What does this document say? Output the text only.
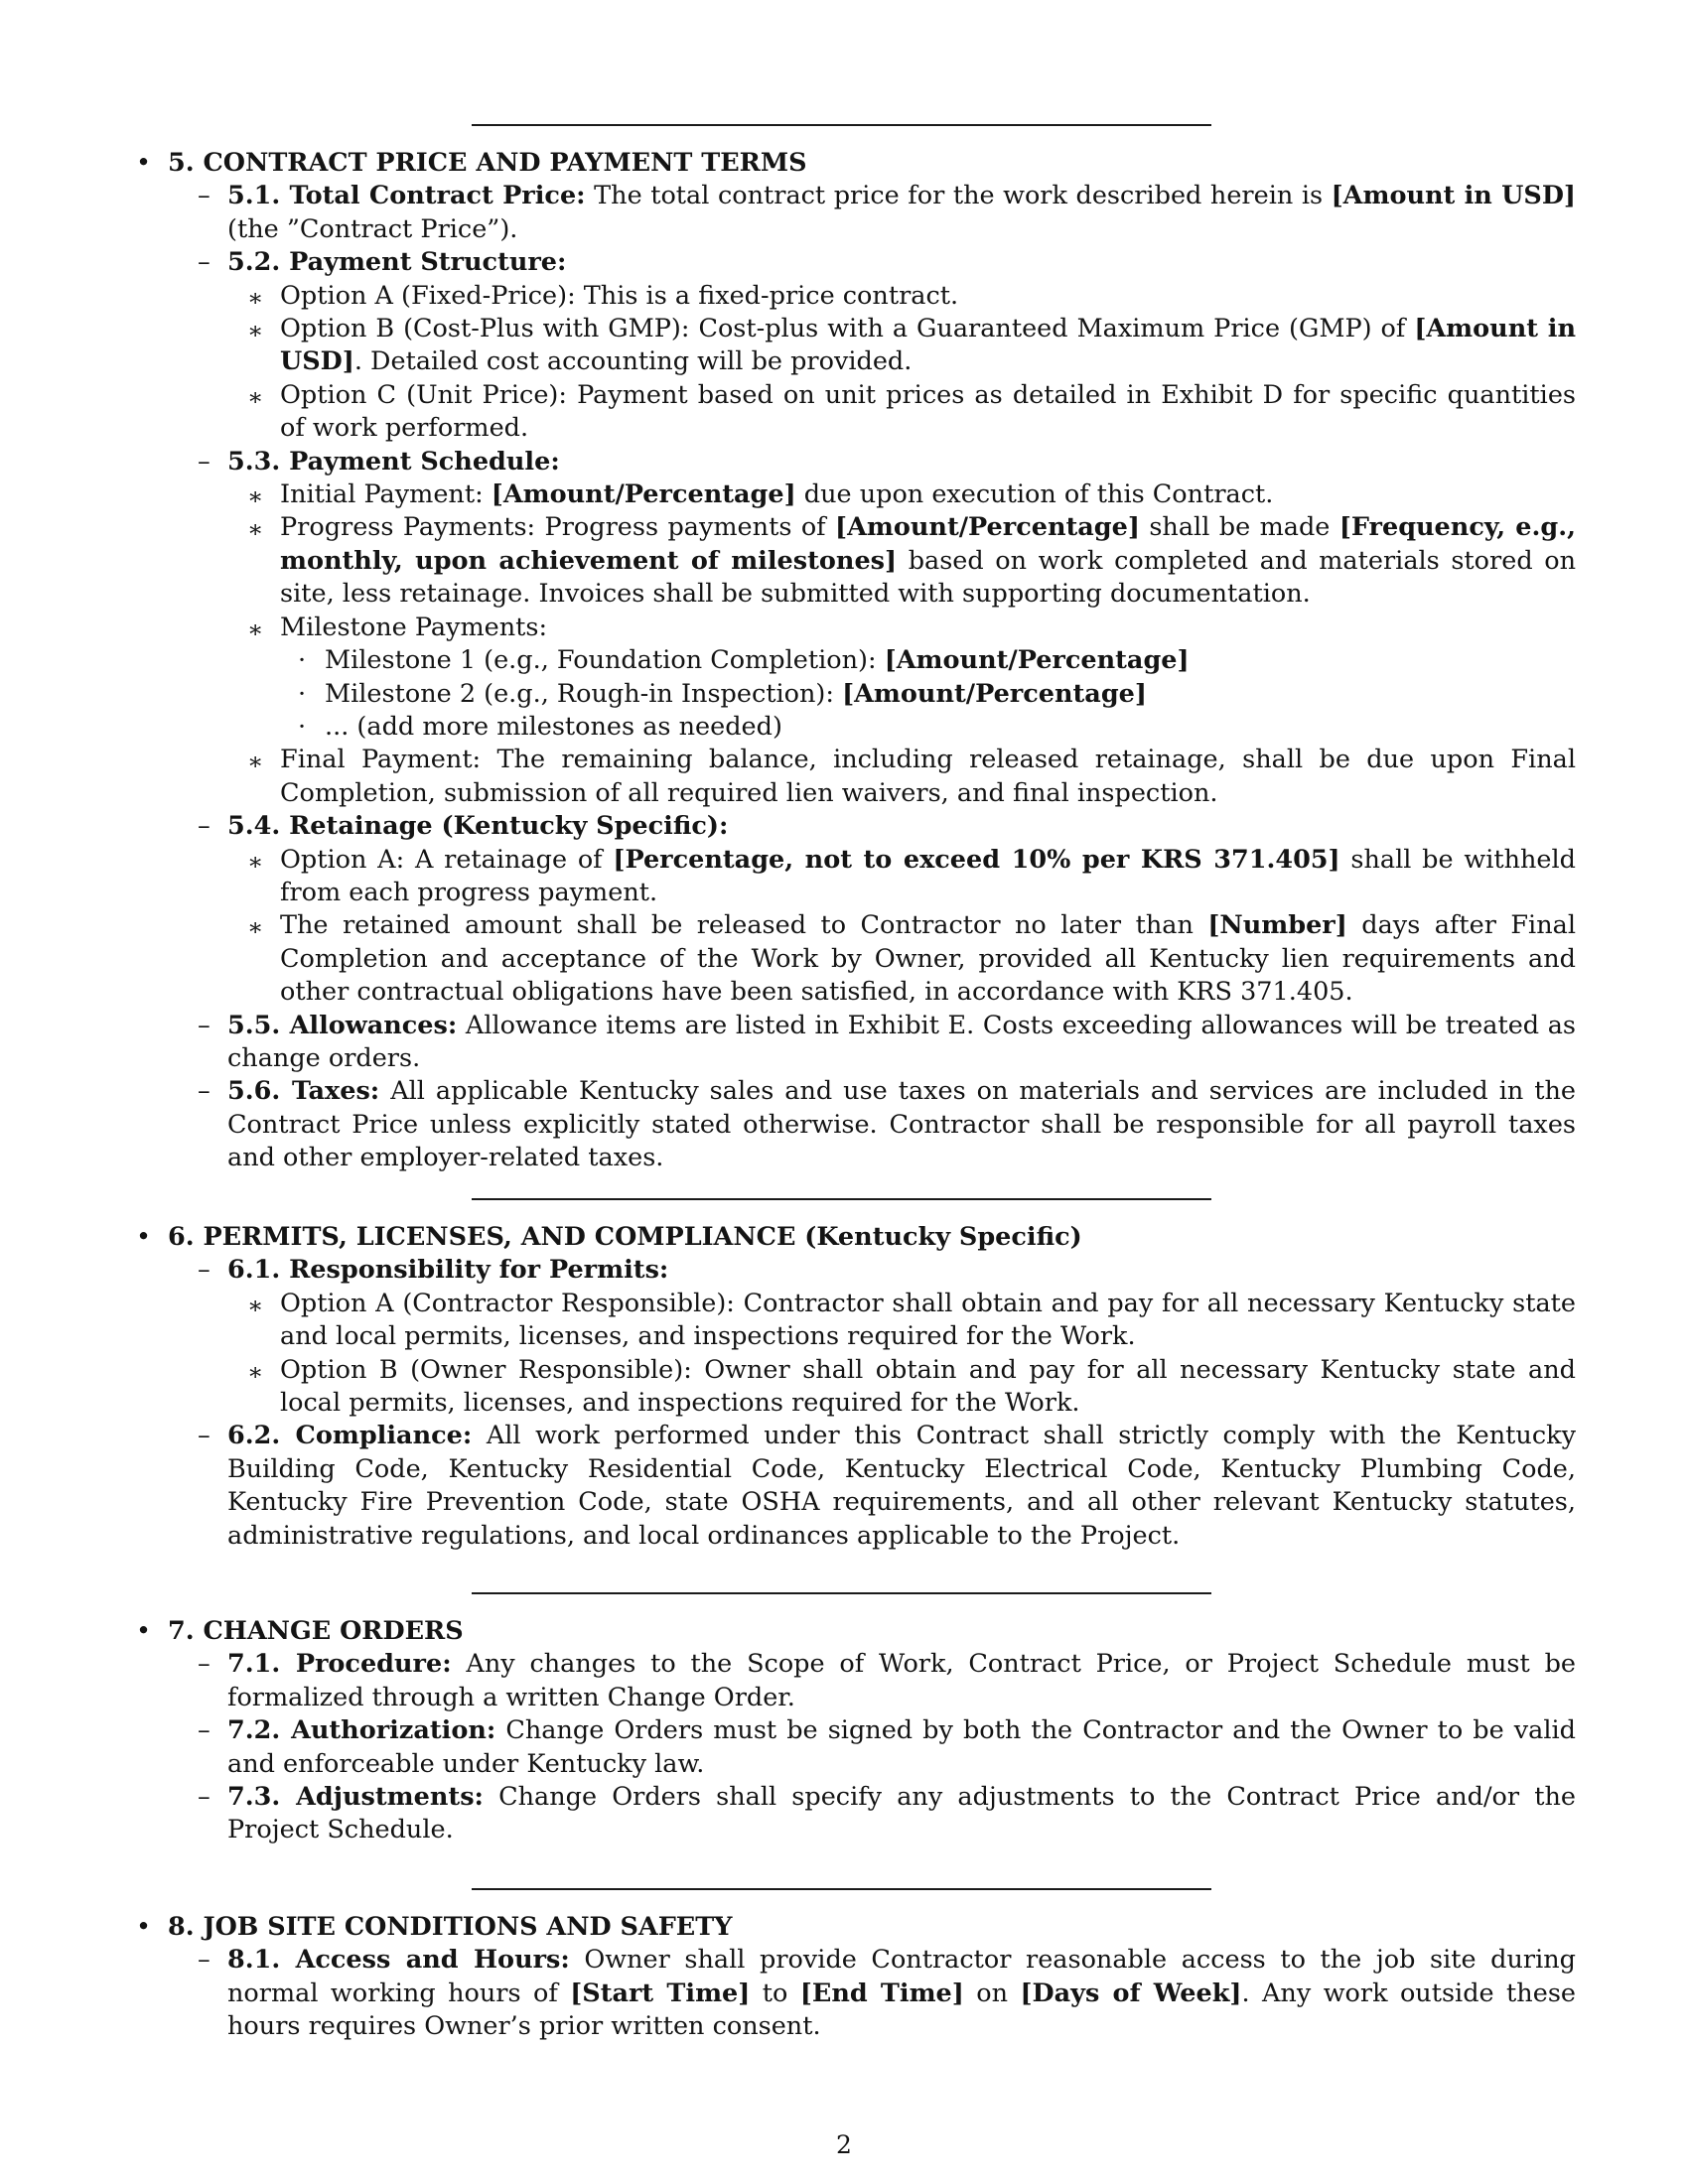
• 5. CONTRACT PRICE AND PAYMENT TERMS
– 5.1. Total Contract Price: The total contract price for the work described herein is [Amount in USD] (the ”Contract Price”).
– 5.2. Payment Structure:
∗ Option A (Fixed-Price): This is a fixed-price contract.
∗ Option B (Cost-Plus with GMP): Cost-plus with a Guaranteed Maximum Price (GMP) of [Amount in USD]. Detailed cost accounting will be provided.
∗ Option C (Unit Price): Payment based on unit prices as detailed in Exhibit D for specific quantities of work performed.
– 5.3. Payment Schedule:
∗ Initial Payment: [Amount/Percentage] due upon execution of this Contract.
∗ Progress Payments: Progress payments of [Amount/Percentage] shall be made [Frequency, e.g., monthly, upon achievement of milestones] based on work completed and materials stored on site, less retainage. Invoices shall be submitted with supporting documentation.
∗ Milestone Payments:
· Milestone 1 (e.g., Foundation Completion): [Amount/Percentage]
· Milestone 2 (e.g., Rough-in Inspection): [Amount/Percentage]
· ... (add more milestones as needed)
∗ Final Payment: The remaining balance, including released retainage, shall be due upon Final Completion, submission of all required lien waivers, and final inspection.
– 5.4. Retainage (Kentucky Specific):
∗ Option A: A retainage of [Percentage, not to exceed 10% per KRS 371.405] shall be withheld from each progress payment.
∗ The retained amount shall be released to Contractor no later than [Number] days after Final Completion and acceptance of the Work by Owner, provided all Kentucky lien requirements and other contractual obligations have been satisfied, in accordance with KRS 371.405.
– 5.5. Allowances: Allowance items are listed in Exhibit E. Costs exceeding allowances will be treated as change orders.
– 5.6. Taxes: All applicable Kentucky sales and use taxes on materials and services are included in the Contract Price unless explicitly stated otherwise. Contractor shall be responsible for all payroll taxes and other employer-related taxes.
• 6. PERMITS, LICENSES, AND COMPLIANCE (Kentucky Specific)
– 6.1. Responsibility for Permits:
∗ Option A (Contractor Responsible): Contractor shall obtain and pay for all necessary Kentucky state and local permits, licenses, and inspections required for the Work.
∗ Option B (Owner Responsible): Owner shall obtain and pay for all necessary Kentucky state and local permits, licenses, and inspections required for the Work.
– 6.2. Compliance: All work performed under this Contract shall strictly comply with the Kentucky Building Code, Kentucky Residential Code, Kentucky Electrical Code, Kentucky Plumbing Code, Kentucky Fire Prevention Code, state OSHA requirements, and all other relevant Kentucky statutes, administrative regulations, and local ordinances applicable to the Project.
• 7. CHANGE ORDERS
– 7.1. Procedure: Any changes to the Scope of Work, Contract Price, or Project Schedule must be formalized through a written Change Order.
– 7.2. Authorization: Change Orders must be signed by both the Contractor and the Owner to be valid and enforceable under Kentucky law.
– 7.3. Adjustments: Change Orders shall specify any adjustments to the Contract Price and/or the Project Schedule.
• 8. JOB SITE CONDITIONS AND SAFETY
– 8.1. Access and Hours: Owner shall provide Contractor reasonable access to the job site during normal working hours of [Start Time] to [End Time] on [Days of Week]. Any work outside these hours requires Owner’s prior written consent.
2
